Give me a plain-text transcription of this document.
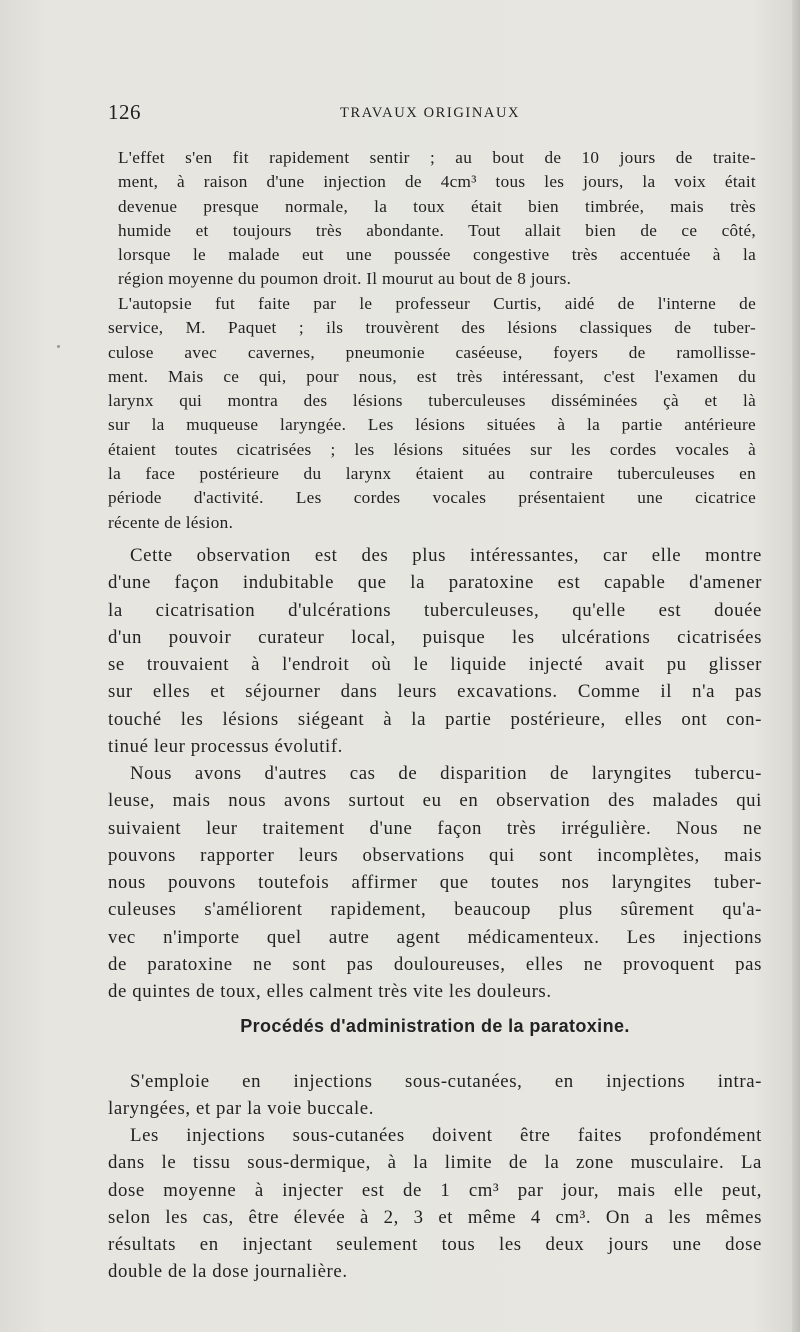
126	TRAVAUX ORIGINAUX

L'effet s'en fit rapidement sentir ; au bout de 10 jours de traite-
ment, à raison d'une injection de 4cm³ tous les jours, la voix était
devenue presque normale, la toux était bien timbrée, mais très
humide et toujours très abondante. Tout allait bien de ce côté,
lorsque le malade eut une poussée congestive très accentuée à la
région moyenne du poumon droit. Il mourut au bout de 8 jours.

L'autopsie fut faite par le professeur Curtis, aidé de l'interne de
service, M. Paquet ; ils trouvèrent des lésions classiques de tuber-
culose avec cavernes, pneumonie caséeuse, foyers de ramollisse-
ment. Mais ce qui, pour nous, est très intéressant, c'est l'examen du
larynx qui montra des lésions tuberculeuses disséminées çà et là
sur la muqueuse laryngée. Les lésions situées à la partie antérieure
étaient toutes cicatrisées ; les lésions situées sur les cordes vocales à
la face postérieure du larynx étaient au contraire tuberculeuses en
période d'activité. Les cordes vocales présentaient une cicatrice
récente de lésion.

Cette observation est des plus intéressantes, car elle montre
d'une façon indubitable que la paratoxine est capable d'amener
la cicatrisation d'ulcérations tuberculeuses, qu'elle est douée
d'un pouvoir curateur local, puisque les ulcérations cicatrisées
se trouvaient à l'endroit où le liquide injecté avait pu glisser
sur elles et séjourner dans leurs excavations. Comme il n'a pas
touché les lésions siégeant à la partie postérieure, elles ont con-
tinué leur processus évolutif.

Nous avons d'autres cas de disparition de laryngites tubercu-
leuse, mais nous avons surtout eu en observation des malades qui
suivaient leur traitement d'une façon très irrégulière. Nous ne
pouvons rapporter leurs observations qui sont incomplètes, mais
nous pouvons toutefois affirmer que toutes nos laryngites tuber-
culeuses s'améliorent rapidement, beaucoup plus sûrement qu'a-
vec n'importe quel autre agent médicamenteux. Les injections
de paratoxine ne sont pas douloureuses, elles ne provoquent pas
de quintes de toux, elles calment très vite les douleurs.

Procédés d'administration de la paratoxine.

S'emploie en injections sous-cutanées, en injections intra-
laryngées, et par la voie buccale.

Les injections sous-cutanées doivent être faites profondément
dans le tissu sous-dermique, à la limite de la zone musculaire. La
dose moyenne à injecter est de 1 cm³ par jour, mais elle peut,
selon les cas, être élevée à 2, 3 et même 4 cm³. On a les mêmes
résultats en injectant seulement tous les deux jours une dose
double de la dose journalière.
